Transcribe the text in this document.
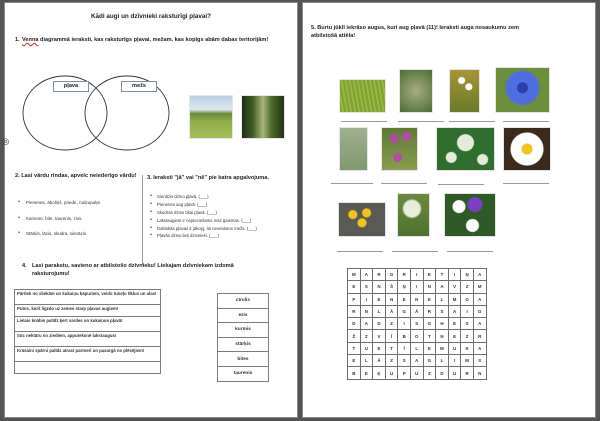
Kādi augi un dzīvnieki raksturīgi pļavai?
1. Venna diagrammā ieraksti, kas raksturīgs pļavai, mežam, kas kopīgs abām dabas teritorijām!
pļava	mežs
⦾
2. Lasi vārdu rindas, apvelc neiederīgo vārdu!
• Pienenes, āboliņš, priede, rudzupuķe.
• Kamene, bite, taurenis, zivs.
• Stārķis, lācis, skudra, sienāzis.
3. Ieraksti "jā" vai "nē" pie katra apgalvojuma.
• Sienāzis dzīvo pļavā. (___)
• Pienenes aug pļavā. (___)
• Skudras dzīvo tikai pļavā. (___)
• Lakstaugiem ir nepieciešams maz gaismas. (___)
• Dabiskās pļavas ir jākopj, lai neveidotos mežs. (___)
• Pļavās dzīvo lieli dzīvnieki. (___)
4. Lasi parakstu, savieno ar atbilstošo dzīvnieku! Liekajam dzīvniekam izdomā raksturojumu!
Pārtiek no sliekām un kukaiņu kāpuriem, veido tuneļu tīklus un alas!
Putns, kurš ligzdo uz zemes starp pļavas augiem!
Lielais knābis palīdz ķert vardes un kukaiņus pļavā!
Sūc nektāru no ziediem, apputeksnē lakstaugus!
Krāsaini spārni palīdz atrast partneri un pasargā no plēsējiem!

cīrulis
ezis
kurmis
stārķis
bites
taurenis
5. Burtu jūklī iekrāso augus, kuri aug pļavā (11)! Ieraksti auga nosaukumu zem atbilstošā attēla!
M	A	R	G	R	I	E	T	I	Ņ	A
E	S	N	Š	Ņ	I	N	A	V	Z	M
P	I	E	N	E	N	E	L	M	O	A
R	N	L	Ā	G	Ā	R	S	A	I	D
D	A	D	Z	I	S	G	H	E	S	A
Ž	Z	V	Ī	B	O	T	N	E	Z	R
T	U	E	T	Ī	L	E	M	U	K	A
E	L	Ā	Z	S	A	G	L	I	M	S
B	E	Ķ	U	P	U	Z	D	U	R	N
